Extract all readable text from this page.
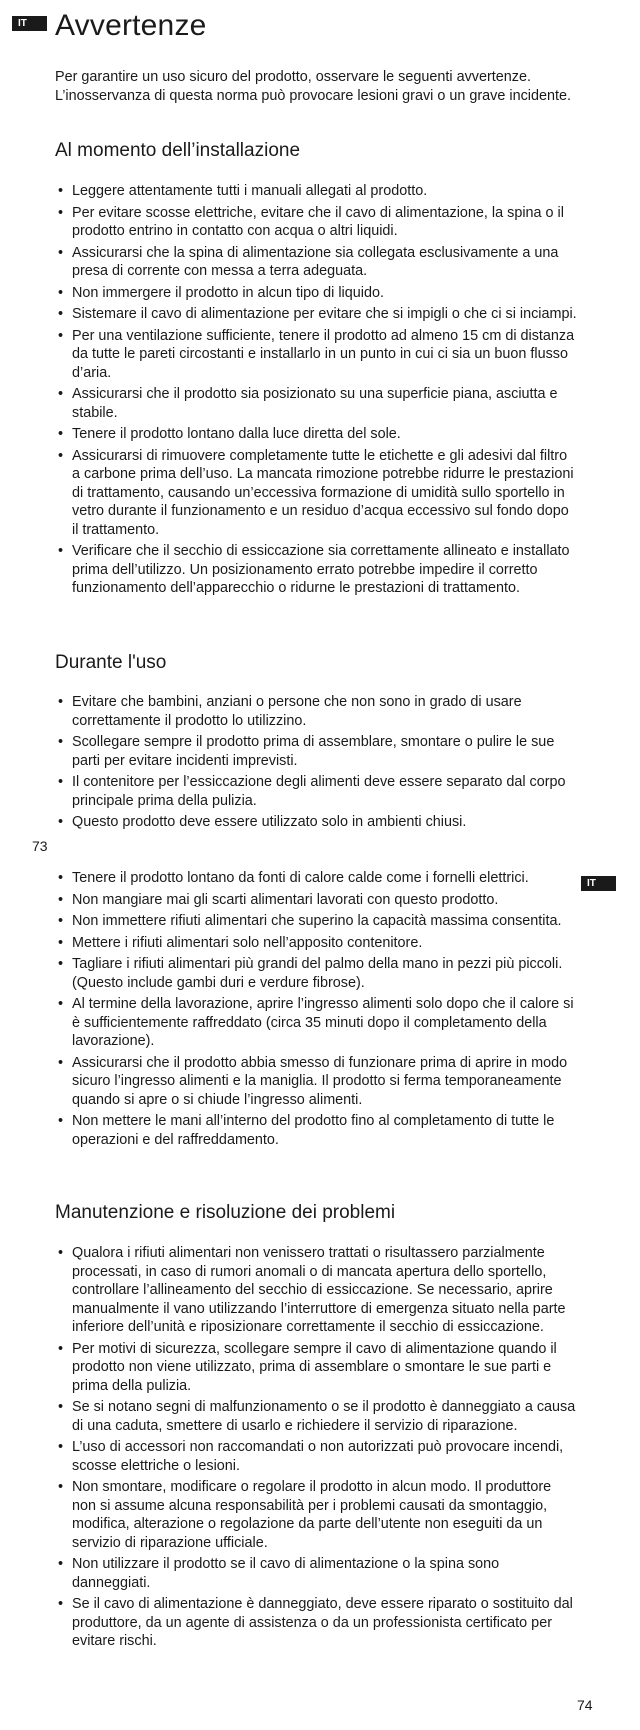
IT Avvertenze

Per garantire un uso sicuro del prodotto, osservare le seguenti avvertenze. L’inosservanza di questa norma può provocare lesioni gravi o un grave incidente.

Al momento dell’installazione
• Leggere attentamente tutti i manuali allegati al prodotto.
• Per evitare scosse elettriche, evitare che il cavo di alimentazione, la spina o il prodotto entrino in contatto con acqua o altri liquidi.
• Assicurarsi che la spina di alimentazione sia collegata esclusivamente a una presa di corrente con messa a terra adeguata.
• Non immergere il prodotto in alcun tipo di liquido.
• Sistemare il cavo di alimentazione per evitare che si impigli o che ci si inciampi.
• Per una ventilazione sufficiente, tenere il prodotto ad almeno 15 cm di distanza da tutte le pareti circostanti e installarlo in un punto in cui ci sia un buon flusso d’aria.
• Assicurarsi che il prodotto sia posizionato su una superficie piana, asciutta e stabile.
• Tenere il prodotto lontano dalla luce diretta del sole.
• Assicurarsi di rimuovere completamente tutte le etichette e gli adesivi dal filtro a carbone prima dell’uso. La mancata rimozione potrebbe ridurre le prestazioni di trattamento, causando un’eccessiva formazione di umidità sullo sportello in vetro durante il funzionamento e un residuo d’acqua eccessivo sul fondo dopo il trattamento.
• Verificare che il secchio di essiccazione sia correttamente allineato e installato prima dell’utilizzo. Un posizionamento errato potrebbe impedire il corretto funzionamento dell’apparecchio o ridurne le prestazioni di trattamento.
Durante l'uso
• Evitare che bambini, anziani o persone che non sono in grado di usare correttamente il prodotto lo utilizzino.
• Scollegare sempre il prodotto prima di assemblare, smontare o pulire le sue parti per evitare incidenti imprevisti.
• Il contenitore per l’essiccazione degli alimenti deve essere separato dal corpo principale prima della pulizia.
• Questo prodotto deve essere utilizzato solo in ambienti chiusi.
73
IT
• Tenere il prodotto lontano da fonti di calore calde come i fornelli elettrici.
• Non mangiare mai gli scarti alimentari lavorati con questo prodotto.
• Non immettere rifiuti alimentari che superino la capacità massima consentita.
• Mettere i rifiuti alimentari solo nell’apposito contenitore.
• Tagliare i rifiuti alimentari più grandi del palmo della mano in pezzi più piccoli. (Questo include gambi duri e verdure fibrose).
• Al termine della lavorazione, aprire l’ingresso alimenti solo dopo che il calore si è sufficientemente raffreddato (circa 35 minuti dopo il completamento della lavorazione).
• Assicurarsi che il prodotto abbia smesso di funzionare prima di aprire in modo sicuro l’ingresso alimenti e la maniglia. Il prodotto si ferma temporaneamente quando si apre o si chiude l’ingresso alimenti.
• Non mettere le mani all’interno del prodotto fino al completamento di tutte le operazioni e del raffreddamento.
Manutenzione e risoluzione dei problemi
• Qualora i rifiuti alimentari non venissero trattati o risultassero parzialmente processati, in caso di rumori anomali o di mancata apertura dello sportello, controllare l’allineamento del secchio di essiccazione. Se necessario, aprire manualmente il vano utilizzando l’interruttore di emergenza situato nella parte inferiore dell’unità e riposizionare correttamente il secchio di essiccazione.
• Per motivi di sicurezza, scollegare sempre il cavo di alimentazione quando il prodotto non viene utilizzato, prima di assemblare o smontare le sue parti e prima della pulizia.
• Se si notano segni di malfunzionamento o se il prodotto è danneggiato a causa di una caduta, smettere di usarlo e richiedere il servizio di riparazione.
• L’uso di accessori non raccomandati o non autorizzati può provocare incendi, scosse elettriche o lesioni.
• Non smontare, modificare o regolare il prodotto in alcun modo. Il produttore non si assume alcuna responsabilità per i problemi causati da smontaggio, modifica, alterazione o regolazione da parte dell’utente non eseguiti da un servizio di riparazione ufficiale.
• Non utilizzare il prodotto se il cavo di alimentazione o la spina sono danneggiati.
• Se il cavo di alimentazione è danneggiato, deve essere riparato o sostituito dal produttore, da un agente di assistenza o da un professionista certificato per evitare rischi.
74
